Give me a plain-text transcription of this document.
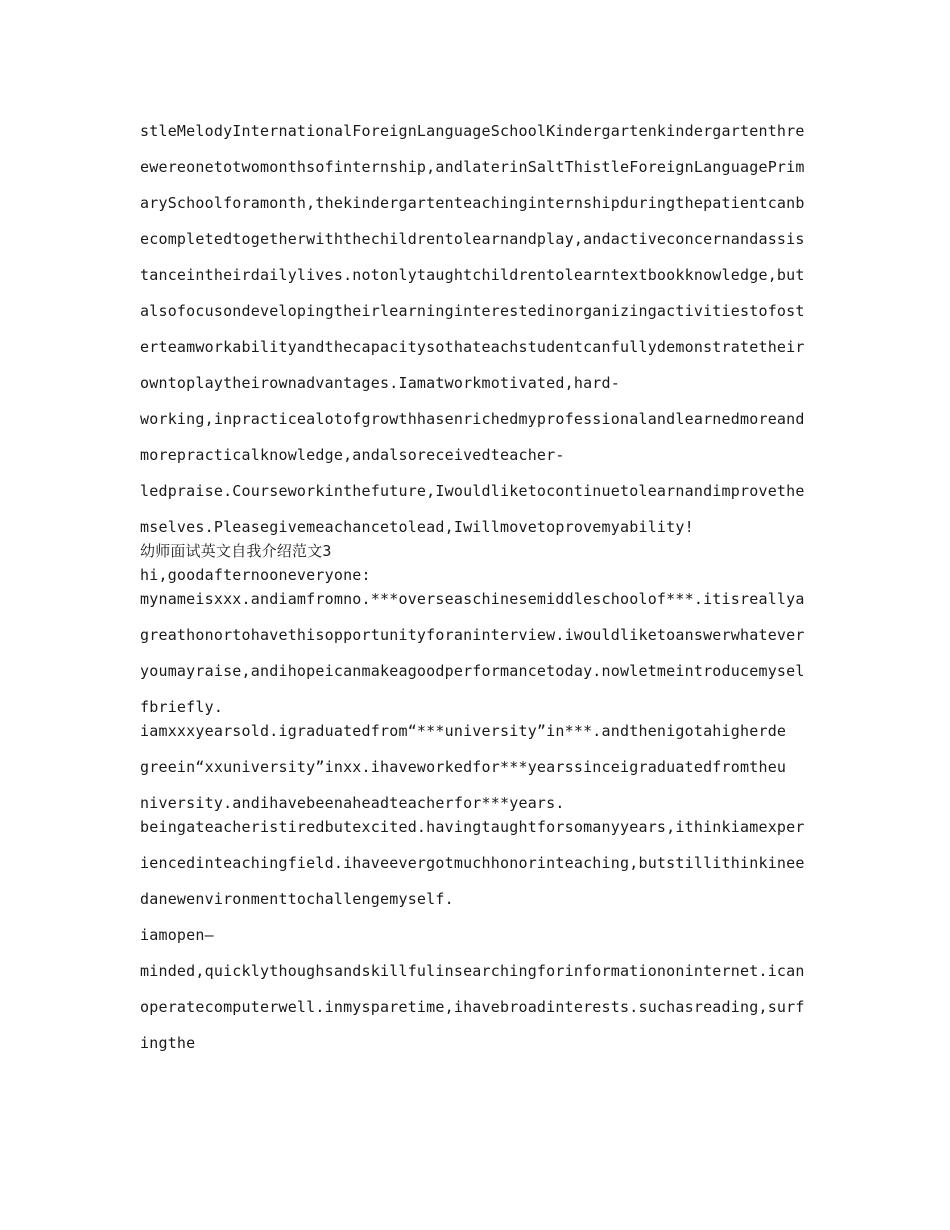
stleMelodyInternationalForeignLanguageSchoolKindergartenkindergartenthre
ewereonetotwomonthsofinternship,andlaterinSaltThistleForeignLanguagePrim
arySchoolforamonth,thekindergartenteachinginternshipduringthepatientcanb
ecompletedtogetherwiththechildrentolearnandplay,andactiveconcernandassis
tanceintheirdailylives.notonlytaughtchildrentolearntextbookknowledge,but
alsofocusondevelopingtheirlearninginterestedinorganizingactivitiestofost
erteamworkabilityandthecapacitysothateachstudentcanfullydemonstratetheir
owntoplaytheirownadvantages.Iamatworkmotivated,hard-
working,inpracticealotofgrowthhasenrichedmyprofessionalandlearnedmoreand
morepracticalknowledge,andalsoreceivedteacher-
ledpraise.Courseworkinthefuture,Iwouldliketocontinuetolearnandimprovethe
mselves.Pleasegivemeachancetolead,Iwillmovetoprovemyability!
幼师面试英文自我介绍范文3
hi,goodafternooneveryone:
mynameisxxx.andiamfromno.***overseaschinesemiddleschoolof***.itisreallya
greathonortohavethisopportunityforaninterview.iwouldliketoanswerwhatever
youmayraise,andihopeicanmakeagoodperformancetoday.nowletmeintroducemysel
fbriefly.
iamxxxyearsold.igraduatedfrom“***university”in***.andthenigotahigherde
greein“xxuniversity”inxx.ihaveworkedfor***yearssinceigraduatedfromtheu
niversity.andihavebeenaheadteacherfor***years.
beingateacheristiredbutexcited.havingtaughtforsomanyyears,ithinkiamexper
iencedinteachingfield.ihaveevergotmuchhonorinteaching,butstillithinkinee
danewenvironmenttochallengemyself.
iamopen—
minded,quicklythoughsandskillfulinsearchingforinformationoninternet.ican
operatecomputerwell.inmysparetime,ihavebroadinterests.suchasreading,surf
ingthe
